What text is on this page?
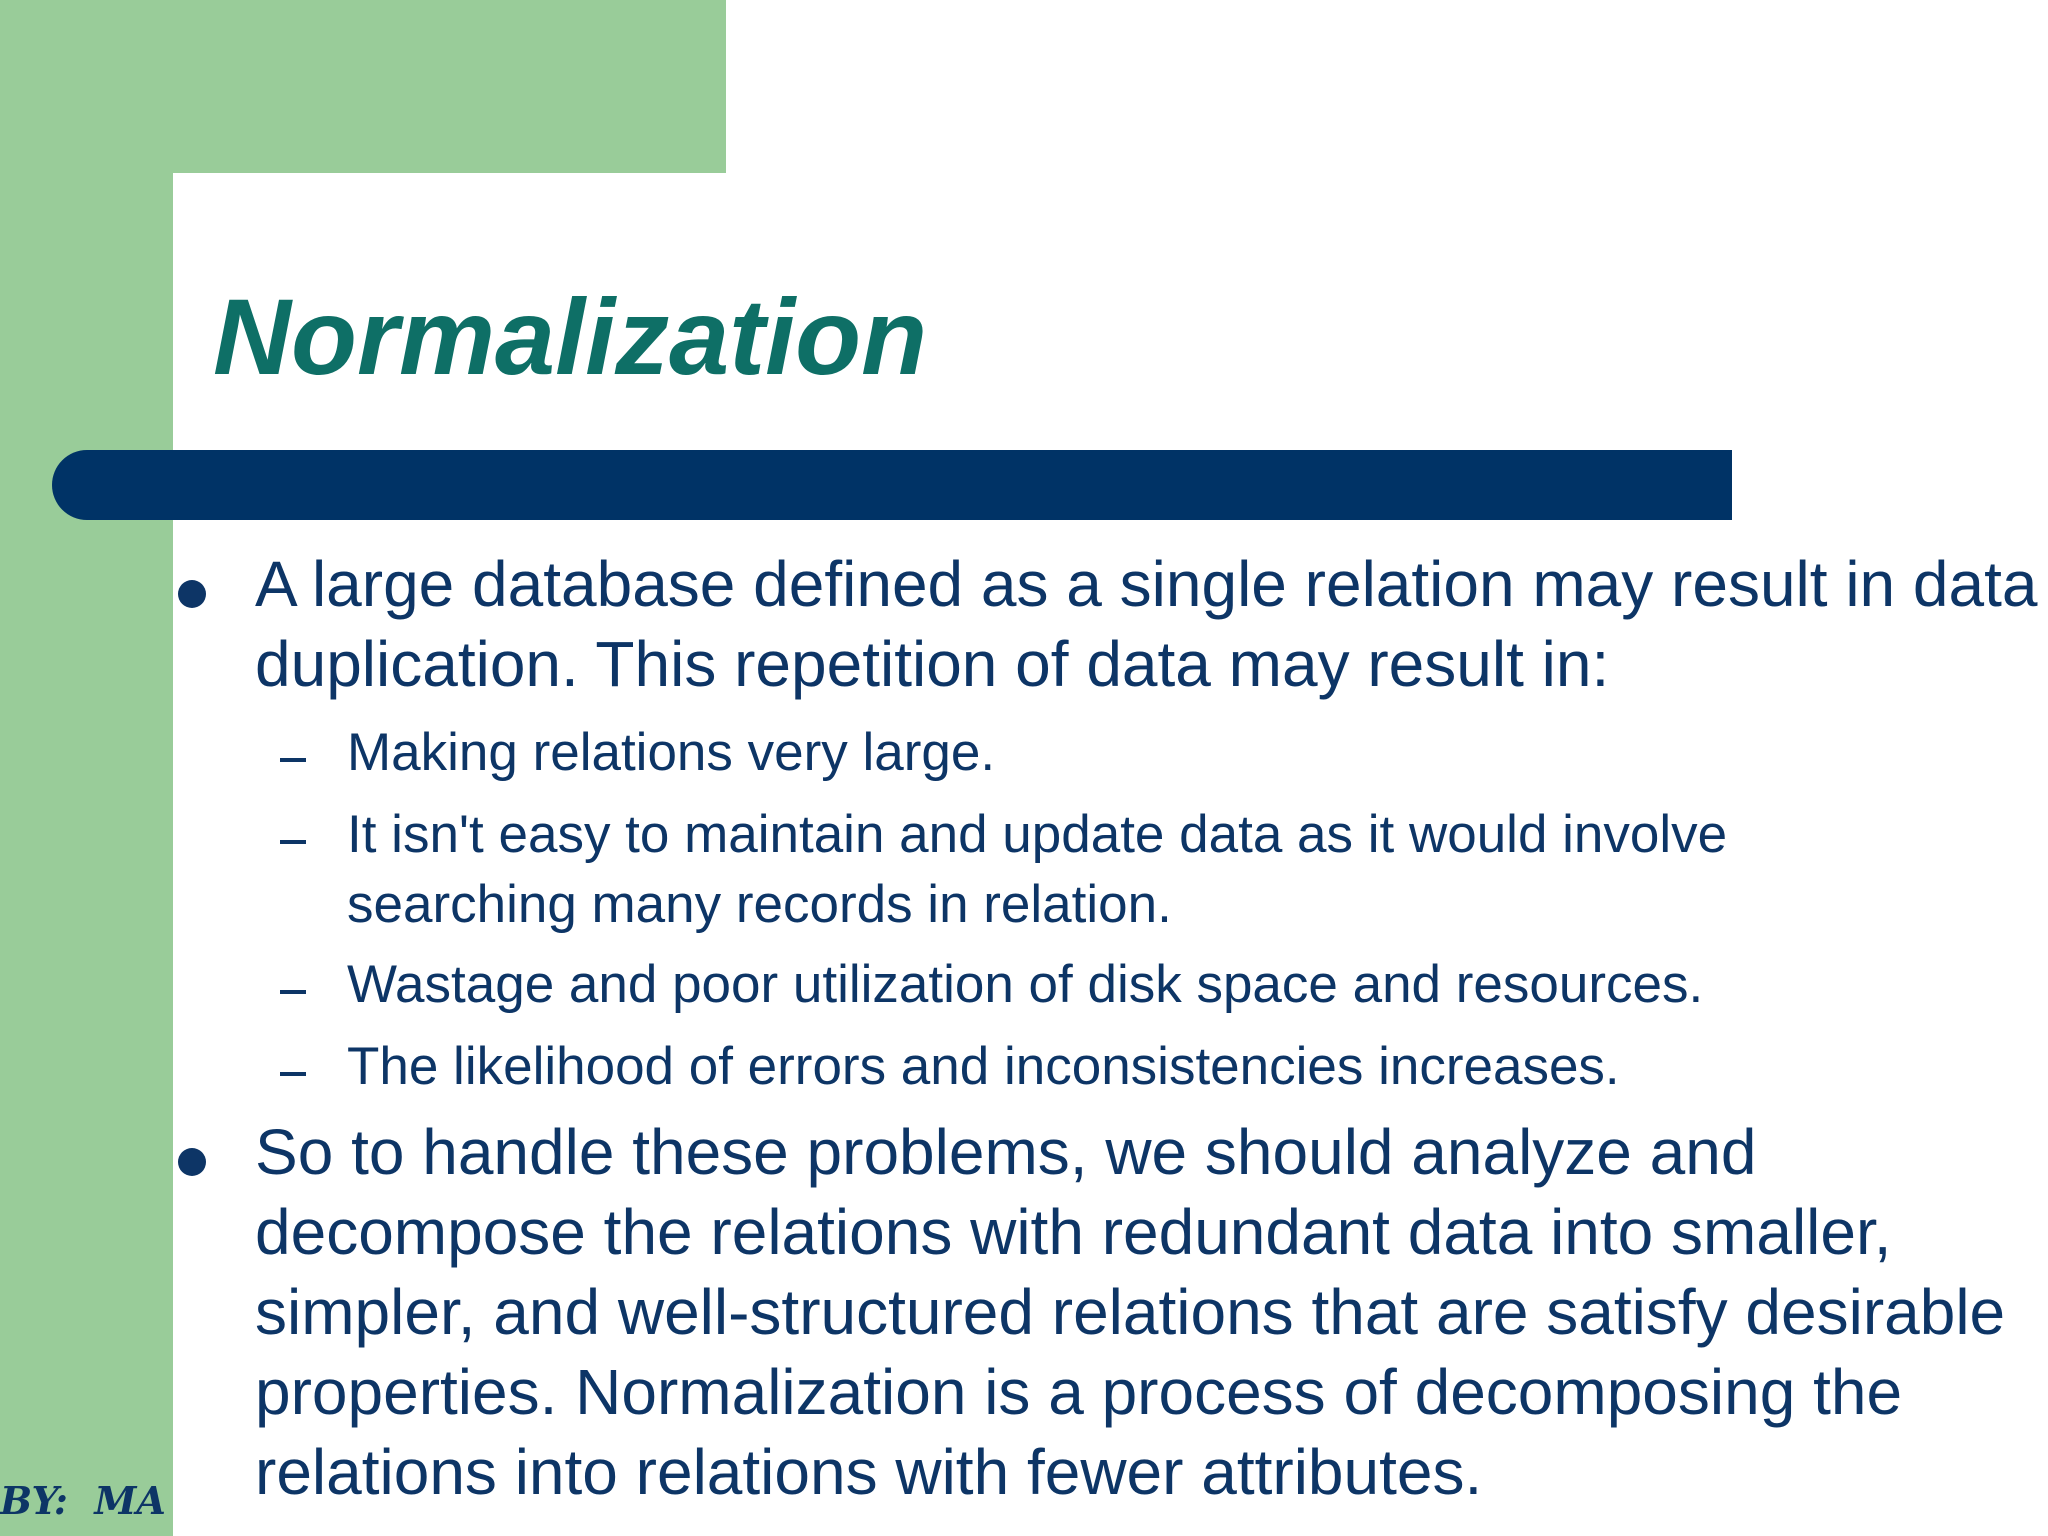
Normalization

A large database defined as a single relation may result in data duplication. This repetition of data may result in:

Making relations very large.

It isn't easy to maintain and update data as it would involve searching many records in relation.

Wastage and poor utilization of disk space and resources.

The likelihood of errors and inconsistencies increases.

So to handle these problems, we should analyze and decompose the relations with redundant data into smaller, simpler, and well-structured relations that are satisfy desirable properties. Normalization is a process of decomposing the relations into relations with fewer attributes.

BY:  MA
